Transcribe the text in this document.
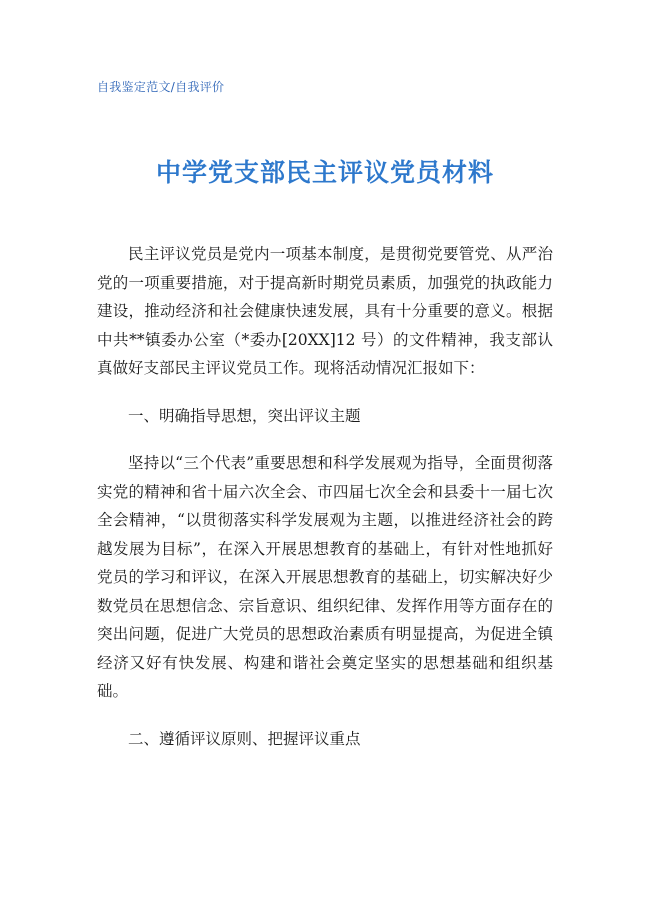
自我鉴定范文/自我评价
中学党支部民主评议党员材料

民主评议党员是党内一项基本制度，是贯彻党要管党、从严治党的一项重要措施，对于提高新时期党员素质，加强党的执政能力建设，推动经济和社会健康快速发展，具有十分重要的意义。根据中共**镇委办公室（*委办[20XX]12 号）的文件精神，我支部认真做好支部民主评议党员工作。现将活动情况汇报如下：

一、明确指导思想，突出评议主题

坚持以“三个代表”重要思想和科学发展观为指导，全面贯彻落实党的精神和省十届六次全会、市四届七次全会和县委十一届七次全会精神，“以贯彻落实科学发展观为主题，以推进经济社会的跨越发展为目标”，在深入开展思想教育的基础上，有针对性地抓好党员的学习和评议，在深入开展思想教育的基础上，切实解决好少数党员在思想信念、宗旨意识、组织纪律、发挥作用等方面存在的突出问题，促进广大党员的思想政治素质有明显提高，为促进全镇经济又好有快发展、构建和谐社会奠定坚实的思想基础和组织基础。

二、遵循评议原则、把握评议重点
